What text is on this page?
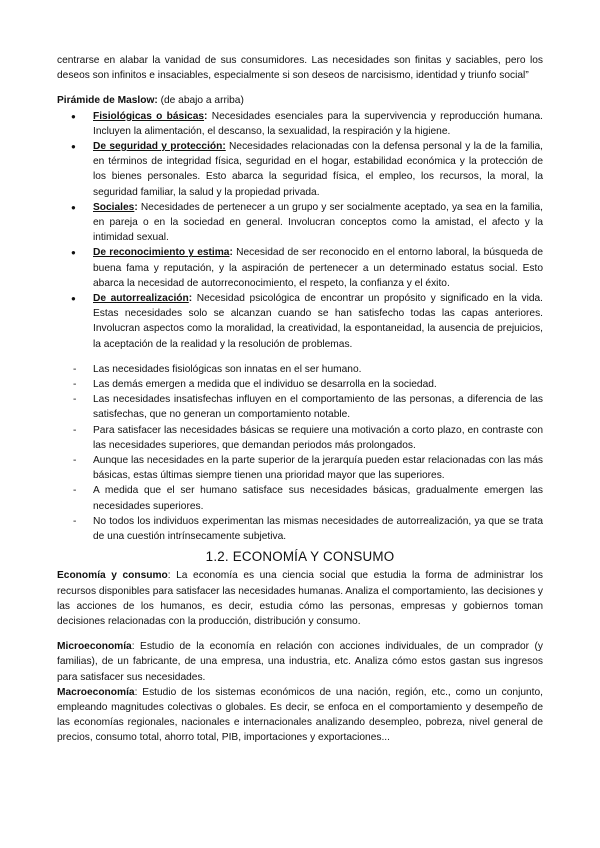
centrarse en alabar la vanidad de sus consumidores. Las necesidades son finitas y saciables, pero los deseos son infinitos e insaciables, especialmente si son deseos de narcisismo, identidad y triunfo social”

Pirámide de Maslow: (de abajo a arriba)

● Fisiológicas o básicas: Necesidades esenciales para la supervivencia y reproducción humana. Incluyen la alimentación, el descanso, la sexualidad, la respiración y la higiene.
● De seguridad y protección: Necesidades relacionadas con la defensa personal y la de la familia, en términos de integridad física, seguridad en el hogar, estabilidad económica y la protección de los bienes personales. Esto abarca la seguridad física, el empleo, los recursos, la moral, la seguridad familiar, la salud y la propiedad privada.
● Sociales: Necesidades de pertenecer a un grupo y ser socialmente aceptado, ya sea en la familia, en pareja o en la sociedad en general. Involucran conceptos como la amistad, el afecto y la intimidad sexual.
● De reconocimiento y estima: Necesidad de ser reconocido en el entorno laboral, la búsqueda de buena fama y reputación, y la aspiración de pertenecer a un determinado estatus social. Esto abarca la necesidad de autorreconocimiento, el respeto, la confianza y el éxito.
● De autorrealización: Necesidad psicológica de encontrar un propósito y significado en la vida. Estas necesidades solo se alcanzan cuando se han satisfecho todas las capas anteriores. Involucran aspectos como la moralidad, la creatividad, la espontaneidad, la ausencia de prejuicios, la aceptación de la realidad y la resolución de problemas.
- Las necesidades fisiológicas son innatas en el ser humano.
- Las demás emergen a medida que el individuo se desarrolla en la sociedad.
- Las necesidades insatisfechas influyen en el comportamiento de las personas, a diferencia de las satisfechas, que no generan un comportamiento notable.
- Para satisfacer las necesidades básicas se requiere una motivación a corto plazo, en contraste con las necesidades superiores, que demandan periodos más prolongados.
- Aunque las necesidades en la parte superior de la jerarquía pueden estar relacionadas con las más básicas, estas últimas siempre tienen una prioridad mayor que las superiores.
- A medida que el ser humano satisface sus necesidades básicas, gradualmente emergen las necesidades superiores.
- No todos los individuos experimentan las mismas necesidades de autorrealización, ya que se trata de una cuestión intrínsecamente subjetiva.
1.2. ECONOMÍA Y CONSUMO

Economía y consumo: La economía es una ciencia social que estudia la forma de administrar los recursos disponibles para satisfacer las necesidades humanas. Analiza el comportamiento, las decisiones y las acciones de los humanos, es decir, estudia cómo las personas, empresas y gobiernos toman decisiones relacionadas con la producción, distribución y consumo.

Microeconomía: Estudio de la economía en relación con acciones individuales, de un comprador (y familias), de un fabricante, de una empresa, una industria, etc. Analiza cómo estos gastan sus ingresos para satisfacer sus necesidades.

Macroeconomía: Estudio de los sistemas económicos de una nación, región, etc., como un conjunto, empleando magnitudes colectivas o globales. Es decir, se enfoca en el comportamiento y desempeño de las economías regionales, nacionales e internacionales analizando desempleo, pobreza, nivel general de precios, consumo total, ahorro total, PIB, importaciones y exportaciones...
